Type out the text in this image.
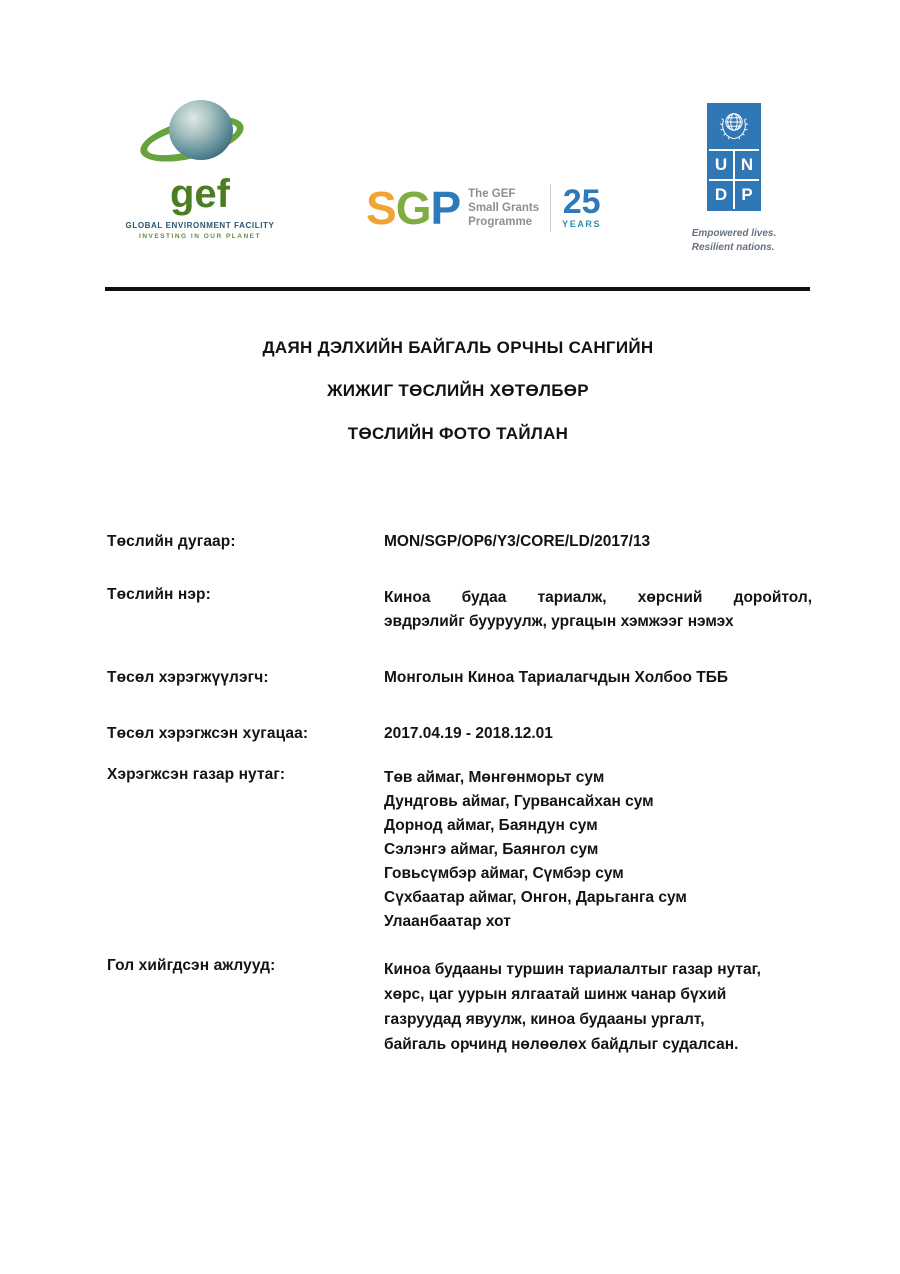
gef
GLOBAL ENVIRONMENT FACILITY
INVESTING IN OUR PLANET
S G P The GEF
Small Grants
Programme
25
YEARS
U N
D P
Empowered lives.
Resilient nations.
ДАЯН ДЭЛХИЙН БАЙГАЛЬ ОРЧНЫ САНГИЙН
ЖИЖИГ ТӨСЛИЙН ХӨТӨЛБӨР
ТӨСЛИЙН ФОТО ТАЙЛАН
Төслийн дугаар:	MON/SGP/OP6/Y3/CORE/LD/2017/13
Төслийн нэр:	Киноа будаа тариалж, хөрсний доройтол,
эвдрэлийг бууруулж, ургацын хэмжээг нэмэх
Төсөл хэрэгжүүлэгч:	Монголын Киноа Тариалагчдын Холбоо ТББ
Төсөл хэрэгжсэн хугацаа:	2017.04.19 - 2018.12.01
Хэрэгжсэн газар нутаг:	Төв аймаг, Мөнгөнморьт сум
Дундговь аймаг, Гурвансайхан сум
Дорнод аймаг, Баяндун сум
Сэлэнгэ аймаг, Баянгол сум
Говьсүмбэр аймаг, Сүмбэр сум
Сүхбаатар аймаг, Онгон, Дарьганга сум
Улаанбаатар хот
Гол хийгдсэн ажлууд:	Киноа будааны туршин тариалалтыг газар нутаг,
хөрс, цаг уурын ялгаатай шинж чанар бүхий
газруудад явуулж, киноа будааны ургалт,
байгаль орчинд нөлөөлөх байдлыг судалсан.
